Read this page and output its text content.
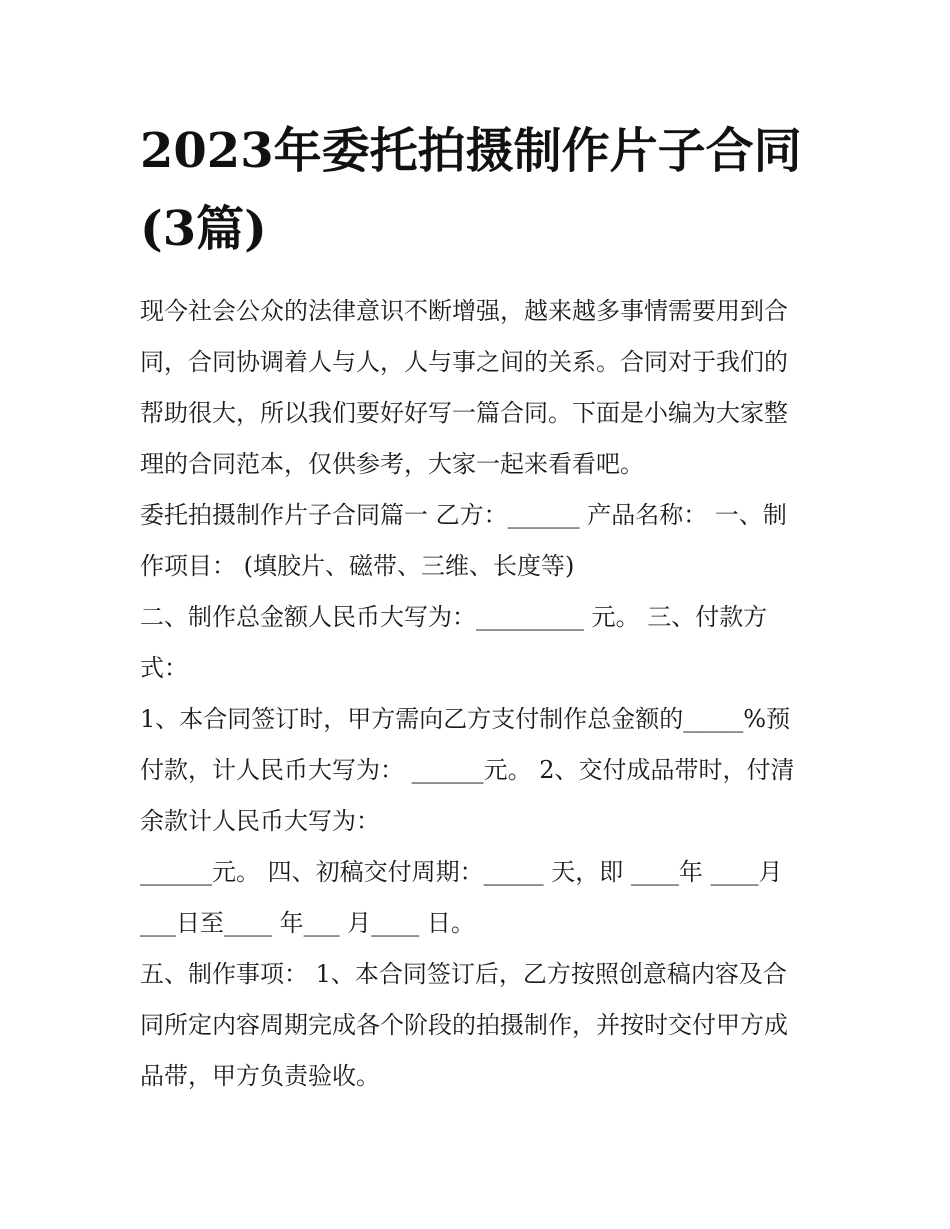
2023年委托拍摄制作片子合同
(3篇)
现今社会公众的法律意识不断增强，越来越多事情需要用到合
同，合同协调着人与人，人与事之间的关系。合同对于我们的
帮助很大，所以我们要好好写一篇合同。下面是小编为大家整
理的合同范本，仅供参考，大家一起来看看吧。
委托拍摄制作片子合同篇一 乙方：______ 产品名称： 一、制
作项目： (填胶片、磁带、三维、长度等)
二、制作总金额人民币大写为：_________ 元。 三、付款方
式：
1、本合同签订时，甲方需向乙方支付制作总金额的_____%预
付款，计人民币大写为： ______元。 2、交付成品带时，付清
余款计人民币大写为：
______元。 四、初稿交付周期：_____ 天，即 ____年 ____月
___日至____ 年___ 月____ 日。
五、制作事项： 1、本合同签订后，乙方按照创意稿内容及合
同所定内容周期完成各个阶段的拍摄制作，并按时交付甲方成
品带，甲方负责验收。
